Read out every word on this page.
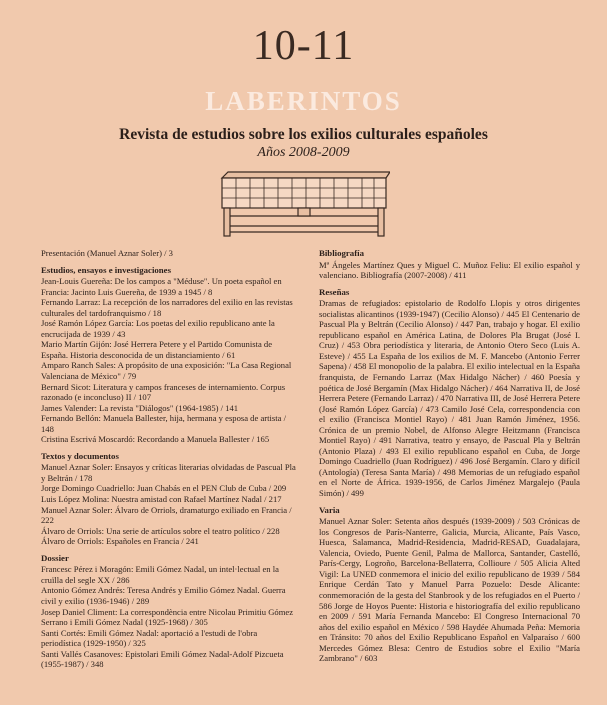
10-11
LABERINTOS
Revista de estudios sobre los exilios culturales españoles
Años 2008-2009
Presentación (Manuel Aznar Soler) / 3
Estudios, ensayos e investigaciones
Jean-Louis Guereña: De los campos a "Méduse". Un poeta español en Francia: Jacinto Luis Guereña, de 1939 a 1945 / 8
Fernando Larraz: La recepción de los narradores del exilio en las revistas culturales del tardofranquismo / 18
José Ramón López García: Los poetas del exilio republicano ante la encrucijada de 1939 / 43
Mario Martín Gijón: José Herrera Petere y el Partido Comunista de España. Historia desconocida de un distanciamiento / 61
Amparo Ranch Sales: A propósito de una exposición: "La Casa Regional Valenciana de México" / 79
Bernard Sicot: Literatura y campos franceses de internamiento. Corpus razonado (e inconcluso) II / 107
James Valender: La revista "Diálogos" (1964-1985) / 141
Fernando Bellón: Manuela Ballester, hija, hermana y esposa de artista / 148
Cristina Escrivá Moscardó: Recordando a Manuela Ballester / 165
Textos y documentos
Manuel Aznar Soler: Ensayos y críticas literarias olvidadas de Pascual Pla y Beltrán / 178
Jorge Domingo Cuadriello: Juan Chabás en el PEN Club de Cuba / 209
Luis López Molina: Nuestra amistad con Rafael Martínez Nadal / 217
Manuel Aznar Soler: Álvaro de Orriols, dramaturgo exiliado en Francia / 222
Álvaro de Orriols: Una serie de artículos sobre el teatro político / 228
Álvaro de Orriols: Españoles en Francia / 241
Dossier
Francesc Pérez i Moragón: Emili Gómez Nadal, un intel·lectual en la cruïlla del segle XX / 286
Antonio Gómez Andrés: Teresa Andrés y Emilio Gómez Nadal. Guerra civil y exilio (1936-1946) / 289
Josep Daniel Climent: La correspondència entre Nicolau Primitiu Gómez Serrano i Emili Gómez Nadal (1925-1968) / 305
Santi Cortés: Emili Gómez Nadal: aportació a l'estudi de l'obra periodística (1929-1950) / 325
Santi Vallés Casanoves: Epistolari Emili Gómez Nadal-Adolf Pizcueta (1955-1987) / 348
Bibliografía
Mª Ángeles Martínez Ques y Miguel C. Muñoz Feliu: El exilio español y valenciano. Bibliografía (2007-2008) / 411
Reseñas
Dramas de refugiados: epistolario de Rodolfo Llopis y otros dirigentes socialistas alicantinos (1939-1947) (Cecilio Alonso) / 445 El Centenario de Pascual Pla y Beltrán (Cecilio Alonso) / 447 Pan, trabajo y hogar. El exilio republicano español en América Latina, de Dolores Pla Brugat (José I. Cruz) / 453 Obra periodística y literaria, de Antonio Otero Seco (Luis A. Esteve) / 455 La España de los exilios de M. F. Mancebo (Antonio Ferrer Sapena) / 458 El monopolio de la palabra. El exilio intelectual en la España franquista, de Fernando Larraz (Max Hidalgo Nácher) / 460 Poesía y poética de José Bergamín (Max Hidalgo Nácher) / 464 Narrativa II, de José Herrera Petere (Fernando Larraz) / 470 Narrativa III, de José Herrera Petere (José Ramón López García) / 473 Camilo José Cela, correspondencia con el exilio (Francisca Montiel Rayo) / 481 Juan Ramón Jiménez, 1956. Crónica de un premio Nobel, de Alfonso Alegre Heitzmann (Francisca Montiel Rayo) / 491 Narrativa, teatro y ensayo, de Pascual Pla y Beltrán (Antonio Plaza) / 493 El exilio republicano español en Cuba, de Jorge Domingo Cuadriello (Juan Rodríguez) / 496 José Bergamín. Claro y difícil (Antología) (Teresa Santa María) / 498 Memorias de un refugiado español en el Norte de África. 1939-1956, de Carlos Jiménez Margalejo (Paula Simón) / 499
Varia
Manuel Aznar Soler: Setenta años después (1939-2009) / 503 Crónicas de los Congresos de París-Nanterre, Galicia, Murcia, Alicante, País Vasco, Huesca, Salamanca, Madrid-Residencia, Madrid-RESAD, Guadalajara, Valencia, Oviedo, Puente Genil, Palma de Mallorca, Santander, Castelló, París-Cergy, Logroño, Barcelona-Bellaterra, Collioure / 505 Alicia Alted Vigil: La UNED conmemora el inicio del exilio republicano de 1939 / 584 Enrique Cerdán Tato y Manuel Parra Pozuelo: Desde Alicante: conmemoración de la gesta del Stanbrook y de los refugiados en el Puerto / 586 Jorge de Hoyos Puente: Historia e historiografía del exilio republicano en 2009 / 591 María Fernanda Mancebo: El Congreso Internacional 70 años del exilio español en México / 598 Haydée Ahumada Peña: Memoria en Tránsito: 70 años del Exilio Republicano Español en Valparaíso / 600 Mercedes Gómez Blesa: Centro de Estudios sobre el Exilio "María Zambrano" / 603
